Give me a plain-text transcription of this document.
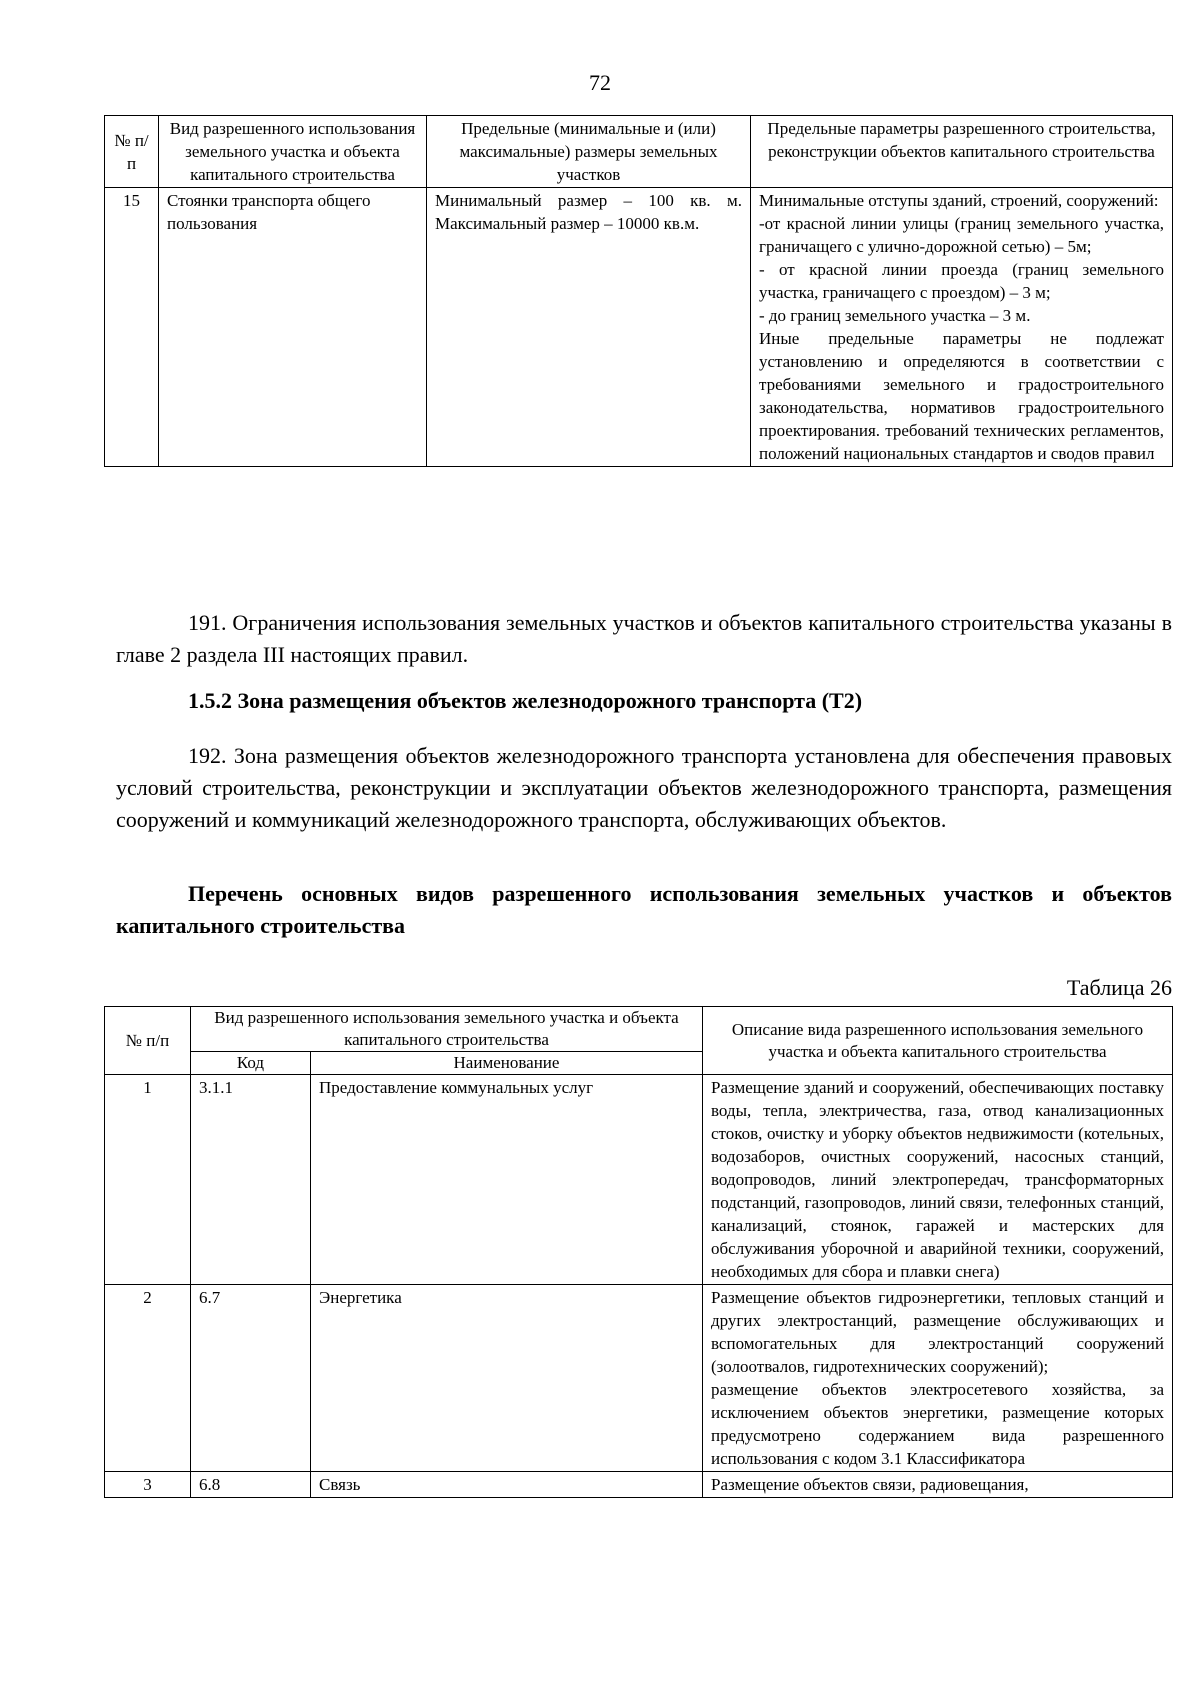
72
№ п/п	Вид разрешенного использования земельного участка и объекта капитального строительства	Предельные (минимальные и (или) максимальные) размеры земельных участков	Предельные параметры разрешенного строительства, реконструкции объектов капитального строительства
15	Стоянки транспорта общего пользования	Минимальный размер – 100 кв. м. Максимальный размер – 10000 кв.м.	Минимальные отступы зданий, строений, сооружений:
-от красной линии улицы (границ земельного участка, граничащего с улично-дорожной сетью) – 5м;
- от красной линии проезда (границ земельного участка, граничащего с проездом) – 3 м;
- до границ земельного участка – 3 м.
Иные предельные параметры не подлежат установлению и определяются в соответствии с требованиями земельного и градостроительного законодательства, нормативов градостроительного проектирования. требований технических регламентов, положений национальных стандартов и сводов правил
191. Ограничения использования земельных участков и объектов капитального строительства указаны в главе 2 раздела III настоящих правил.
1.5.2 Зона размещения объектов железнодорожного транспорта (Т2)
192. Зона размещения объектов железнодорожного транспорта установлена для обеспечения правовых условий строительства, реконструкции и эксплуатации объектов железнодорожного транспорта, размещения сооружений и коммуникаций железнодорожного транспорта, обслуживающих объектов.
Перечень основных видов разрешенного использования земельных участков и объектов капитального строительства
Таблица 26
№ п/п	Вид разрешенного использования земельного участка и объекта капитального строительства		Описание вида разрешенного использования земельного участка и объекта капитального строительства
	Код	Наименование	
1	3.1.1	Предоставление коммунальных услуг	Размещение зданий и сооружений, обеспечивающих поставку воды, тепла, электричества, газа, отвод канализационных стоков, очистку и уборку объектов недвижимости (котельных, водозаборов, очистных сооружений, насосных станций, водопроводов, линий электропередач, трансформаторных подстанций, газопроводов, линий связи, телефонных станций, канализаций, стоянок, гаражей и мастерских для обслуживания уборочной и аварийной техники, сооружений, необходимых для сбора и плавки снега)
2	6.7	Энергетика	Размещение объектов гидроэнергетики, тепловых станций и других электростанций, размещение обслуживающих и вспомогательных для электростанций сооружений (золоотвалов, гидротехнических сооружений);
размещение объектов электросетевого хозяйства, за исключением объектов энергетики, размещение которых предусмотрено содержанием вида разрешенного использования с кодом 3.1 Классификатора
3	6.8	Связь	Размещение объектов связи, радиовещания,
